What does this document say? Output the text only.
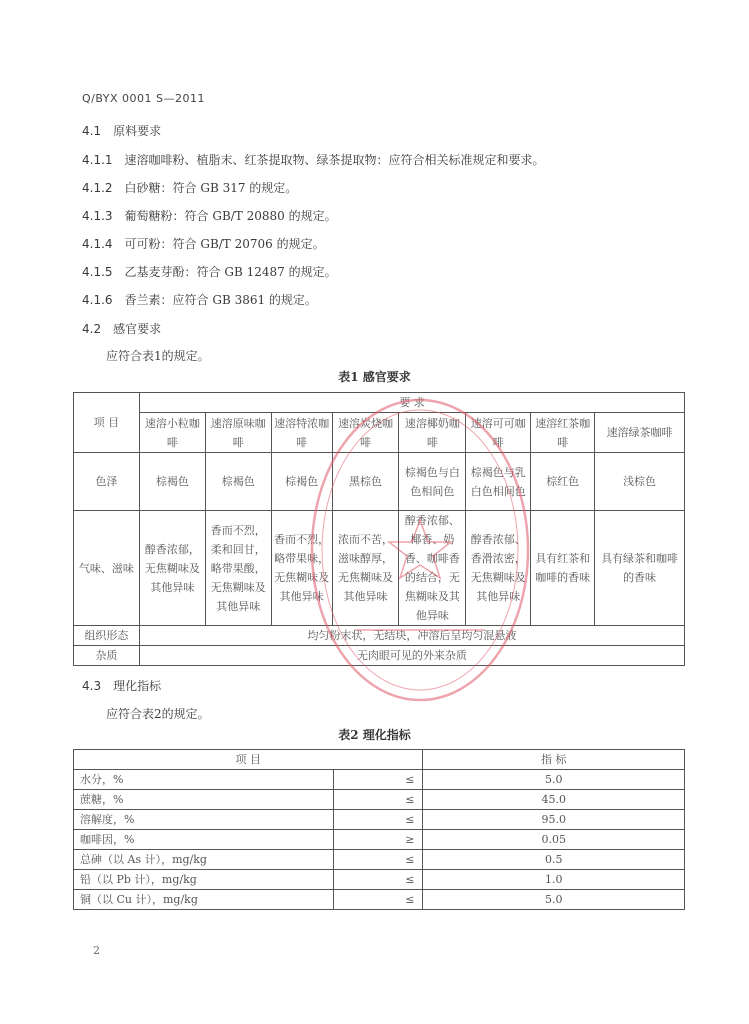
Q/BYX 0001 S—2011
4.1 原料要求
4.1.1 速溶咖啡粉、植脂末、红茶提取物、绿茶提取物：应符合相关标准规定和要求。
4.1.2 白砂糖：符合 GB 317 的规定。
4.1.3 葡萄糖粉：符合 GB/T 20880 的规定。
4.1.4 可可粉：符合 GB/T 20706 的规定。
4.1.5 乙基麦芽酚：符合 GB 12487 的规定。
4.1.6 香兰素：应符合 GB 3861 的规定。
4.2 感官要求
应符合表1的规定。
表1 感官要求
项 目	要 求							
	速溶小粒咖啡	速溶原味咖啡	速溶特浓咖啡	速溶炭烧咖啡	速溶椰奶咖啡	速溶可可咖啡	速溶红茶咖啡	速溶绿茶咖啡
色泽	棕褐色	棕褐色	棕褐色	黑棕色	棕褐色与白色相间色	棕褐色与乳白色相间色	棕红色	浅棕色
气味、滋味	醇香浓郁，无焦糊味及其他异味	香而不烈，柔和回甘，略带果酸，无焦糊味及其他异味	香而不烈，略带果味，无焦糊味及其他异味	浓而不苦，滋味醇厚，无焦糊味及其他异味	醇香浓郁、椰香、奶香、咖啡香的结合，无焦糊味及其他异味	醇香浓郁、香滑浓密，无焦糊味及其他异味	具有红茶和咖啡的香味	具有绿茶和咖啡的香味
组织形态	均匀粉末状，无结块，冲溶后呈均匀混悬液							
杂质	无肉眼可见的外来杂质							
4.3 理化指标
应符合表2的规定。
表2 理化指标
项 目		指 标
水分，%	≤	5.0
蔗糖，%	≤	45.0
溶解度，%	≤	95.0
咖啡因，%	≥	0.05
总砷（以 As 计），mg/kg	≤	0.5
铅（以 Pb 计），mg/kg	≤	1.0
铜（以 Cu 计），mg/kg	≤	5.0
2
